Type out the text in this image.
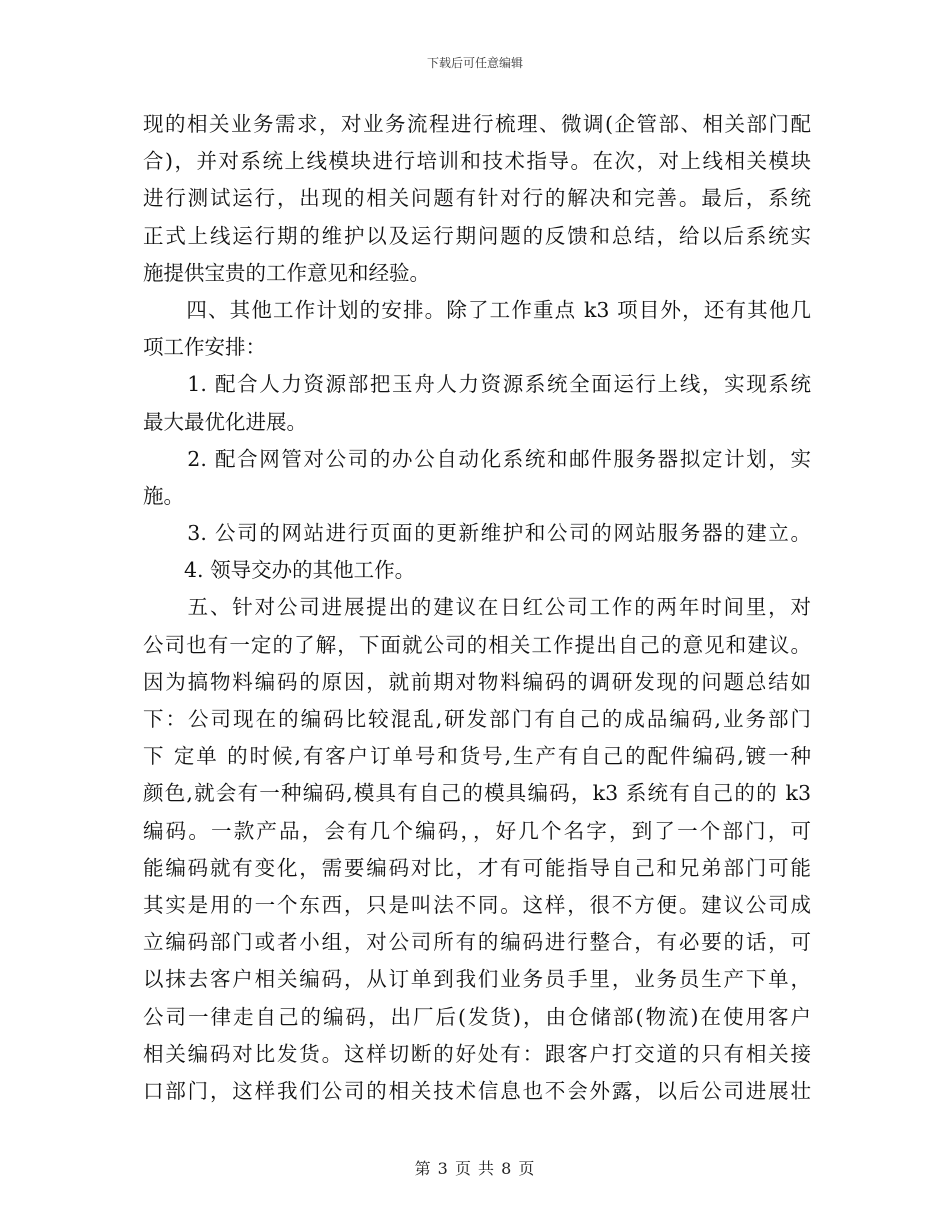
下载后可任意编辑
现的相关业务需求，对业务流程进行梳理、微调(企管部、相关部门配
合)，并对系统上线模块进行培训和技术指导。在次，对上线相关模块
进行测试运行，出现的相关问题有针对行的解决和完善。最后，系统
正式上线运行期的维护以及运行期问题的反馈和总结，给以后系统实
施提供宝贵的工作意见和经验。
　　四、其他工作计划的安排。除了工作重点 k3 项目外，还有其他几
项工作安排：
　　1. 配合人力资源部把玉舟人力资源系统全面运行上线，实现系统
最大最优化进展。
　　2. 配合网管对公司的办公自动化系统和邮件服务器拟定计划，实
施。
　　3. 公司的网站进行页面的更新维护和公司的网站服务器的建立。
　　4. 领导交办的其他工作。
　　五、针对公司进展提出的建议在日红公司工作的两年时间里，对
公司也有一定的了解，下面就公司的相关工作提出自己的意见和建议。
因为搞物料编码的原因，就前期对物料编码的调研发现的问题总结如
下：公司现在的编码比较混乱,研发部门有自己的成品编码,业务部门
下 定单 的时候,有客户订单号和货号,生产有自己的配件编码,镀一种
颜色,就会有一种编码,模具有自己的模具编码，k3 系统有自己的的 k3
编码。一款产品，会有几个编码，，好几个名字，到了一个部门，可
能编码就有变化，需要编码对比，才有可能指导自己和兄弟部门可能
其实是用的一个东西，只是叫法不同。这样，很不方便。建议公司成
立编码部门或者小组，对公司所有的编码进行整合，有必要的话，可
以抹去客户相关编码，从订单到我们业务员手里，业务员生产下单，
公司一律走自己的编码，出厂后(发货)，由仓储部(物流)在使用客户
相关编码对比发货。这样切断的好处有：跟客户打交道的只有相关接
口部门，这样我们公司的相关技术信息也不会外露，以后公司进展壮
第 3 页 共 8 页
